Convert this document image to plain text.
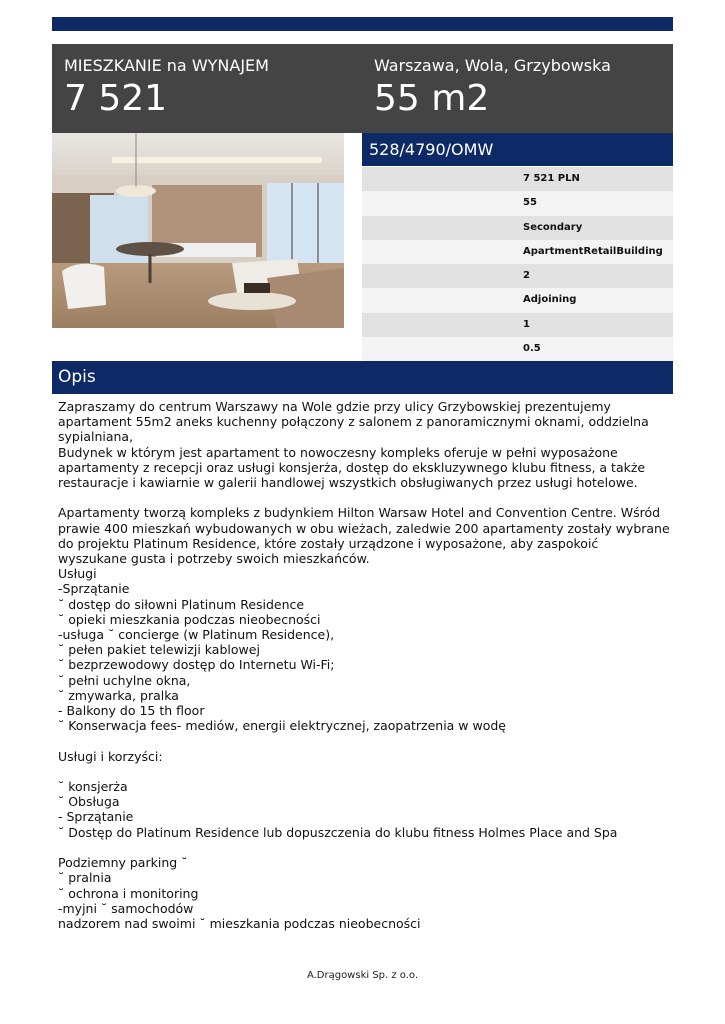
MIESZKANIE na WYNAJEM
7 521
Warszawa, Wola, Grzybowska
55 m2
528/4790/OMW
7 521 PLN
55
Secondary
ApartmentRetailBuilding
2
Adjoining
1
0.5
Opis
Zapraszamy do centrum Warszawy na Wole gdzie przy ulicy Grzybowskiej prezentujemy apartament 55m2 aneks kuchenny połączony z salonem z panoramicznymi oknami, oddzielna sypialniana,
Budynek w którym jest apartament to nowoczesny kompleks oferuje w pełni wyposażone apartamenty z recepcji oraz usługi konsjerża, dostęp do ekskluzywnego klubu fitness, a także restauracje i kawiarnie w galerii handlowej wszystkich obsługiwanych przez usługi hotelowe.

Apartamenty tworzą kompleks z budynkiem Hilton Warsaw Hotel and Convention Centre. Wśród prawie 400 mieszkań wybudowanych w obu wieżach, zaledwie 200 apartamenty zostały wybrane do projektu Platinum Residence, które zostały urządzone i wyposażone, aby zaspokoić wyszukane gusta i potrzeby swoich mieszkańców.
Usługi
-Sprzątanie
˘ dostęp do siłowni Platinum Residence
˘ opieki mieszkania podczas nieobecności
-usługa ˘ concierge (w Platinum Residence),
˘ pełen pakiet telewizji kablowej
˘ bezprzewodowy dostęp do Internetu Wi-Fi;
˘ pełni uchylne okna,
˘ zmywarka, pralka
- Balkony do 15 th floor
˘ Konserwacja fees- mediów, energii elektrycznej, zaopatrzenia w wodę

Usługi i korzyści:

˘ konsjerża
˘ Obsługa
- Sprzątanie
˘ Dostęp do Platinum Residence lub dopuszczenia do klubu fitness Holmes Place and Spa

Podziemny parking ˘
˘ pralnia
˘ ochrona i monitoring
-myjni ˘ samochodów
nadzorem nad swoimi ˘ mieszkania podczas nieobecności
A.Drągowski Sp. z o.o.
